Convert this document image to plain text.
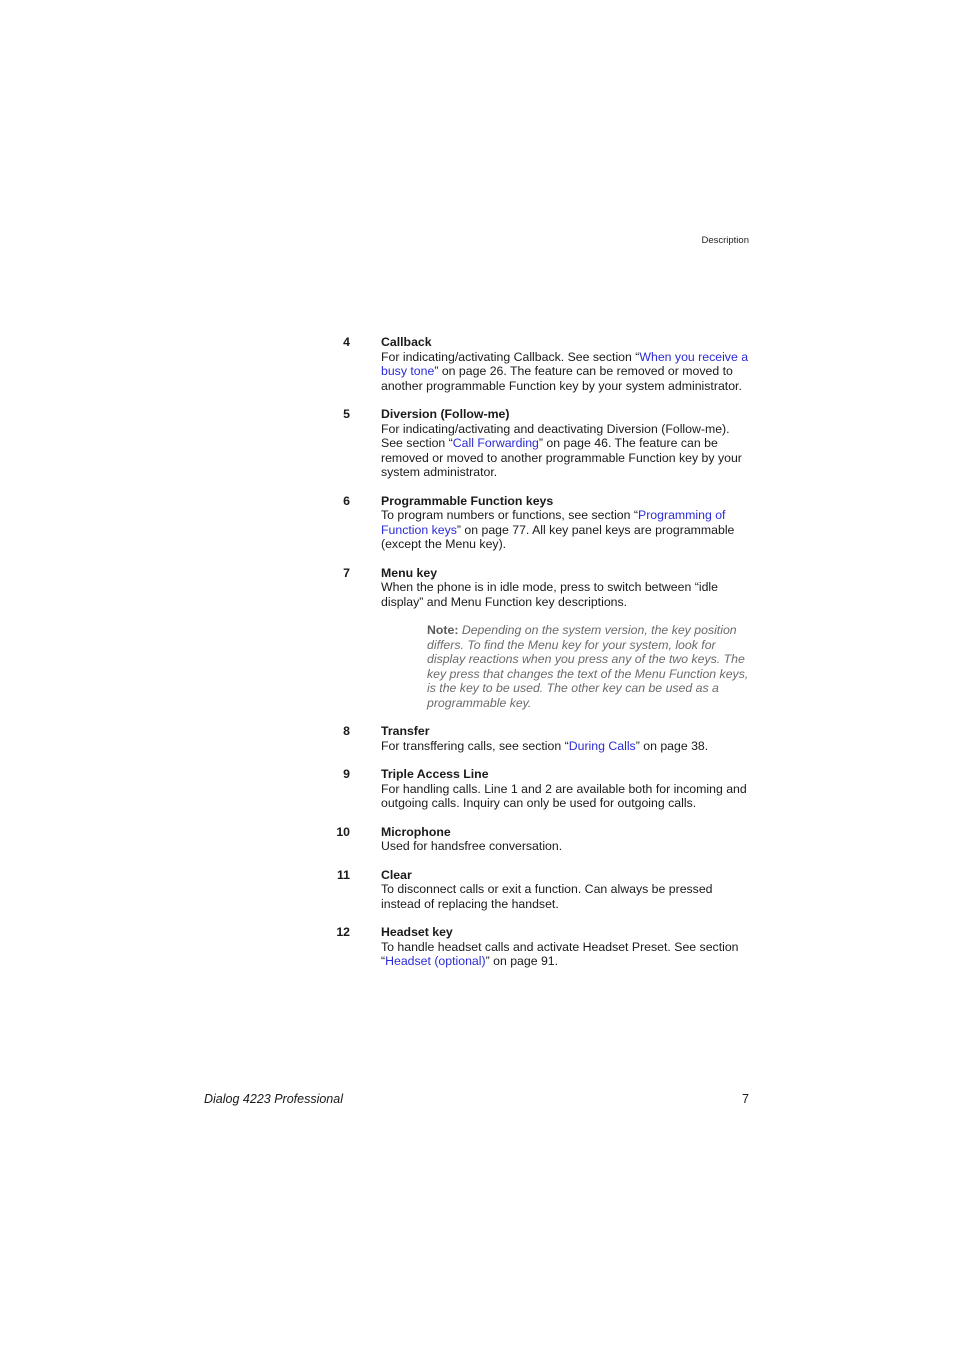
Description
4	Callback
For indicating/activating Callback. See section “When you receive a busy tone” on page 26. The feature can be removed or moved to another programmable Function key by your system administrator.
5	Diversion (Follow-me)
For indicating/activating and deactivating Diversion (Follow-me). See section “Call Forwarding” on page 46. The feature can be removed or moved to another programmable Function key by your system administrator.
6	Programmable Function keys
To program numbers or functions, see section “Programming of Function keys” on page 77. All key panel keys are programmable (except the Menu key).
7	Menu key
When the phone is in idle mode, press to switch between “idle display” and Menu Function key descriptions.
Note: Depending on the system version, the key position differs. To find the Menu key for your system, look for display reactions when you press any of the two keys. The key press that changes the text of the Menu Function keys, is the key to be used. The other key can be used as a programmable key.
8	Transfer
For transffering calls, see section “During Calls” on page 38.
9	Triple Access Line
For handling calls. Line 1 and 2 are available both for incoming and outgoing calls. Inquiry can only be used for outgoing calls.
10	Microphone
Used for handsfree conversation.
11	Clear
To disconnect calls or exit a function. Can always be pressed instead of replacing the handset.
12	Headset key
To handle headset calls and activate Headset Preset. See section “Headset (optional)” on page 91.
Dialog 4223 Professional	7
